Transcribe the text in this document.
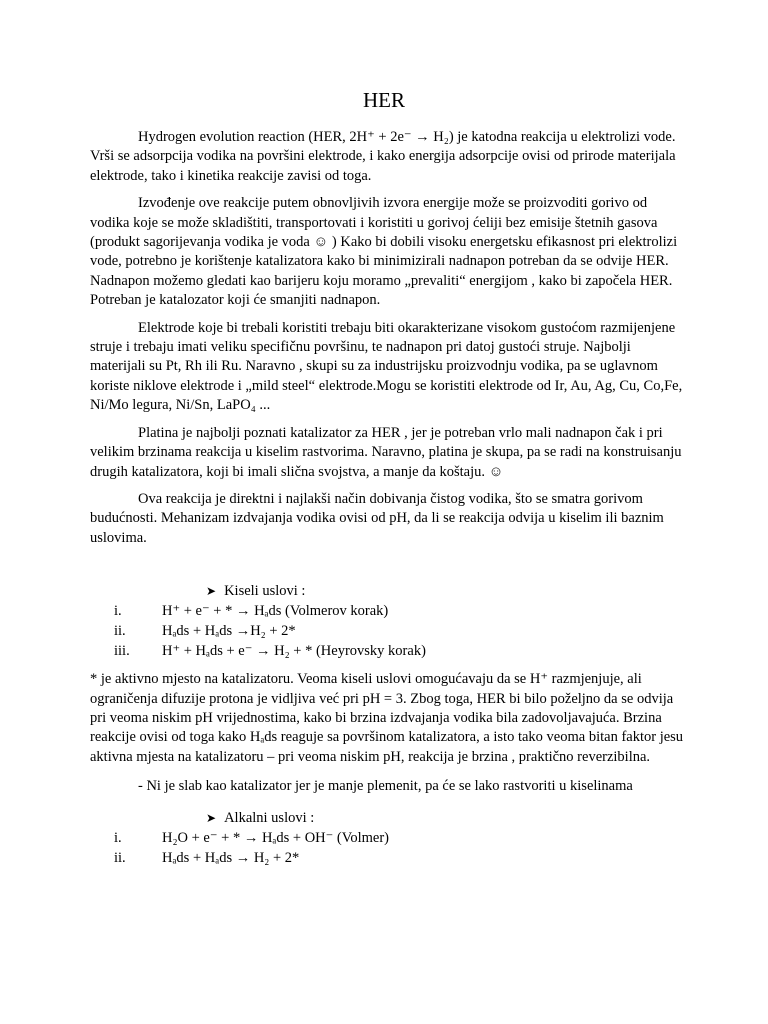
HER

Hydrogen evolution reaction (HER, 2H⁺ + 2e⁻ → H₂) je katodna reakcija u elektrolizi vode. Vrši se adsorpcija vodika na površini elektrode, i kako energija adsorpcije ovisi od prirode materijala elektrode, tako i kinetika reakcije zavisi od toga.

Izvođenje ove reakcije putem obnovljivih izvora energije može se proizvoditi gorivo od vodika koje se može skladištiti, transportovati i koristiti u gorivoj ćeliji bez emisije štetnih gasova (produkt sagorijevanja vodika je voda ☺ ) Kako bi dobili visoku energetsku efikasnost pri elektrolizi vode, potrebno je korištenje katalizatora kako bi minimizirali nadnapon potreban da se odvije HER. Nadnapon možemo gledati kao barijeru koju moramo „prevaliti“ energijom , kako bi započela HER. Potreban je katalozator koji će smanjiti nadnapon.

Elektrode koje bi trebali koristiti trebaju biti okarakterizane visokom gustoćom razmijenjene struje i trebaju imati veliku specifičnu površinu, te nadnapon pri datoj gustoći struje. Najbolji materijali su Pt, Rh ili Ru. Naravno , skupi su za industrijsku proizvodnju vodika, pa se uglavnom koriste niklove elektrode i „mild steel“ elektrode.Mogu se koristiti elektrode od Ir, Au, Ag, Cu, Co,Fe, Ni/Mo legura, Ni/Sn, LaPO₄ ...

Platina je najbolji poznati katalizator za HER , jer je potreban vrlo mali nadnapon čak i pri velikim brzinama reakcija u kiselim rastvorima. Naravno, platina je skupa, pa se radi na konstruisanju drugih katalizatora, koji bi imali slična svojstva, a manje da koštaju. ☺

Ova reakcija je direktni i najlakši način dobivanja čistog vodika, što se smatra gorivom budućnosti. Mehanizam izdvajanja vodika ovisi od pH, da li se reakcija odvija u kiselim ili baznim uslovima.

➤ Kiseli uslovi :
i.	H⁺ + e⁻ + * → Hₐds (Volmerov korak)
ii.	Hₐds + Hₐds →H₂ + 2*
iii.	H⁺ + Hₐds + e⁻ → H₂ + * (Heyrovsky korak)

* je aktivno mjesto na katalizatoru. Veoma kiseli uslovi omogućavaju da se H⁺ razmjenjuje, ali ograničenja difuzije protona je vidljiva već pri pH = 3. Zbog toga, HER bi bilo poželjno da se odvija pri veoma niskim pH vrijednostima, kako bi brzina izdvajanja vodika bila zadovoljavajuća. Brzina reakcije ovisi od toga kako Hₐds reaguje sa površinom katalizatora, a isto tako veoma bitan faktor jesu aktivna mjesta na katalizatoru – pri veoma niskim pH, reakcija je brzina , praktično reverzibilna.

- Ni je slab kao katalizator jer je manje plemenit, pa će se lako rastvoriti u kiselinama

➤ Alkalni uslovi :
i.	H₂O + e⁻ + * → Hₐds + OH⁻ (Volmer)
ii.	Hₐds + Hₐds → H₂ + 2*
